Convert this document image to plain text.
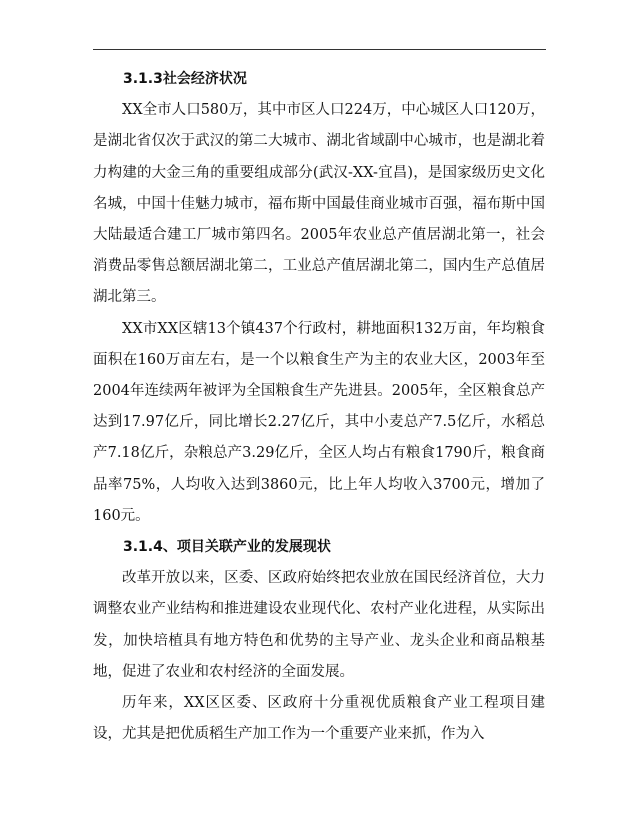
3.1.3社会经济状况

XX全市人口580万，其中市区人口224万，中心城区人口120万，是湖北省仅次于武汉的第二大城市、湖北省域副中心城市，也是湖北着力构建的大金三角的重要组成部分(武汉-XX-宜昌)，是国家级历史文化名城，中国十佳魅力城市，福布斯中国最佳商业城市百强，福布斯中国大陆最适合建工厂城市第四名。2005年农业总产值居湖北第一，社会消费品零售总额居湖北第二，工业总产值居湖北第二，国内生产总值居湖北第三。

XX市XX区辖13个镇437个行政村，耕地面积132万亩，年均粮食面积在160万亩左右，是一个以粮食生产为主的农业大区，2003年至2004年连续两年被评为全国粮食生产先进县。2005年，全区粮食总产达到17.97亿斤，同比增长2.27亿斤，其中小麦总产7.5亿斤，水稻总产7.18亿斤，杂粮总产3.29亿斤，全区人均占有粮食1790斤，粮食商品率75%，人均收入达到3860元，比上年人均收入3700元，增加了160元。

3.1.4、项目关联产业的发展现状

改革开放以来，区委、区政府始终把农业放在国民经济首位，大力调整农业产业结构和推进建设农业现代化、农村产业化进程，从实际出发，加快培植具有地方特色和优势的主导产业、龙头企业和商品粮基地，促进了农业和农村经济的全面发展。

历年来，XX区区委、区政府十分重视优质粮食产业工程项目建设，尤其是把优质稻生产加工作为一个重要产业来抓，作为入
